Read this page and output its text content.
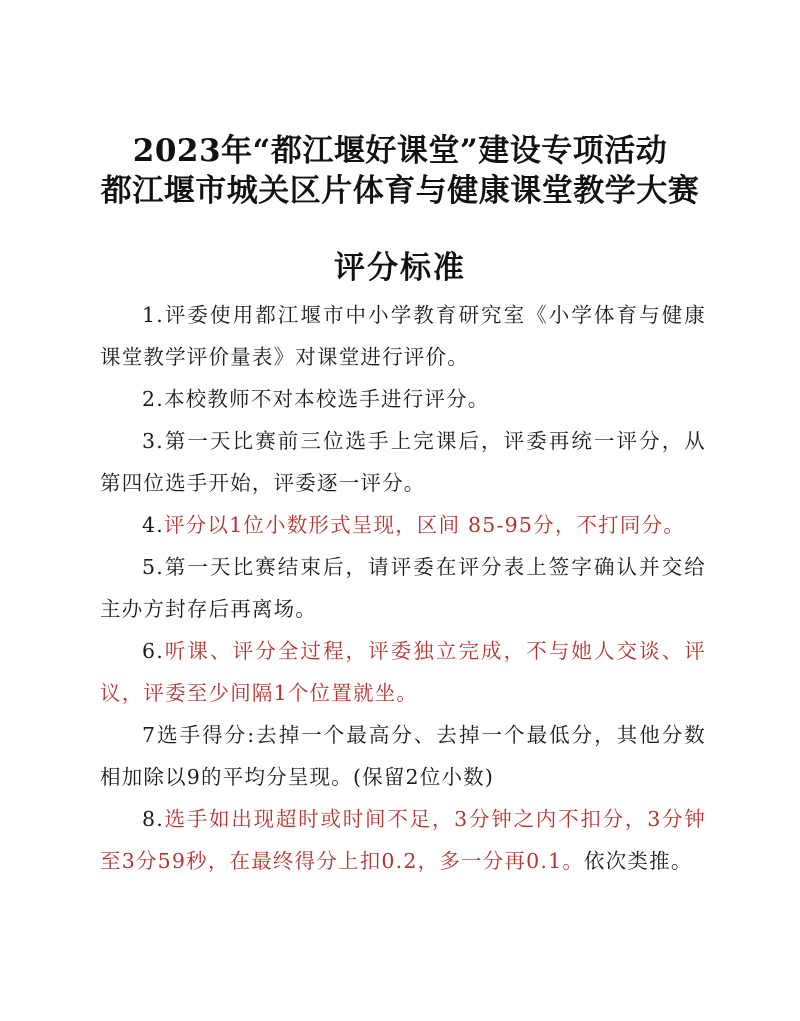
2023年“都江堰好课堂”建设专项活动
都江堰市城关区片体育与健康课堂教学大赛
评分标准

1.评委使用都江堰市中小学教育研究室《小学体育与健康课堂教学评价量表》对课堂进行评价。

2.本校教师不对本校选手进行评分。

3.第一天比赛前三位选手上完课后，评委再统一评分，从第四位选手开始，评委逐一评分。

4.评分以1位小数形式呈现，区间 85-95分，不打同分。

5.第一天比赛结束后，请评委在评分表上签字确认并交给主办方封存后再离场。

6.听课、评分全过程，评委独立完成，不与她人交谈、评议，评委至少间隔1个位置就坐。

7选手得分:去掉一个最高分、去掉一个最低分，其他分数相加除以9的平均分呈现。(保留2位小数)

8.选手如出现超时或时间不足，3分钟之内不扣分，3分钟至3分59秒，在最终得分上扣0.2，多一分再0.1。依次类推。
